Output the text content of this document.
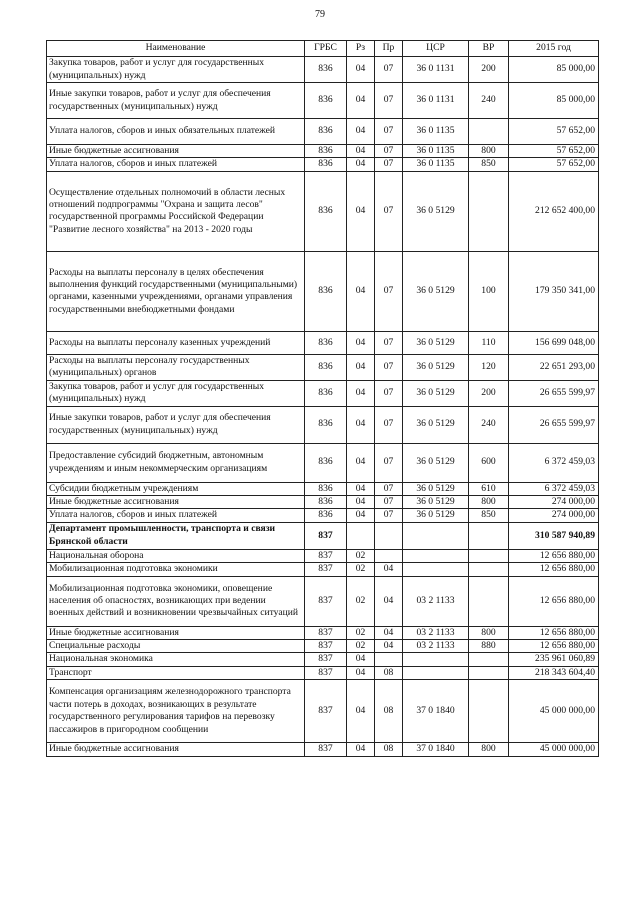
79
Наименование	ГРБС	Рз	Пр	ЦСР	ВР	2015 год
Закупка товаров, работ и услуг для государственных (муниципальных) нужд	836	04	07	36 0 1131	200	85 000,00
Иные закупки товаров, работ и услуг для обеспечения государственных (муниципальных) нужд	836	04	07	36 0 1131	240	85 000,00
Уплата налогов, сборов и иных обязательных платежей	836	04	07	36 0 1135		57 652,00
Иные бюджетные ассигнования	836	04	07	36 0 1135	800	57 652,00
Уплата налогов, сборов и иных платежей	836	04	07	36 0 1135	850	57 652,00
Осуществление отдельных полномочий в области лесных отношений подпрограммы "Охрана и защита лесов" государственной программы Российской Федерации "Развитие лесного хозяйства" на 2013 - 2020 годы	836	04	07	36 0 5129		212 652 400,00
Расходы на выплаты персоналу в целях обеспечения выполнения функций государственными (муниципальными) органами, казенными учреждениями, органами управления государственными внебюджетными фондами	836	04	07	36 0 5129	100	179 350 341,00
Расходы на выплаты персоналу казенных учреждений	836	04	07	36 0 5129	110	156 699 048,00
Расходы на выплаты персоналу государственных (муниципальных) органов	836	04	07	36 0 5129	120	22 651 293,00
Закупка товаров, работ и услуг для государственных (муниципальных) нужд	836	04	07	36 0 5129	200	26 655 599,97
Иные закупки товаров, работ и услуг для обеспечения государственных (муниципальных) нужд	836	04	07	36 0 5129	240	26 655 599,97
Предоставление субсидий бюджетным, автономным учреждениям и иным некоммерческим организациям	836	04	07	36 0 5129	600	6 372 459,03
Субсидии бюджетным учреждениям	836	04	07	36 0 5129	610	6 372 459,03
Иные бюджетные ассигнования	836	04	07	36 0 5129	800	274 000,00
Уплата налогов, сборов и иных платежей	836	04	07	36 0 5129	850	274 000,00
Департамент промышленности, транспорта и связи Брянской области	837					310 587 940,89
Национальная оборона	837	02				12 656 880,00
Мобилизационная подготовка экономики	837	02	04			12 656 880,00
Мобилизационная подготовка экономики, оповещение населения об опасностях, возникающих при ведении военных действий и возникновении чрезвычайных ситуаций	837	02	04	03 2 1133		12 656 880,00
Иные бюджетные ассигнования	837	02	04	03 2 1133	800	12 656 880,00
Специальные расходы	837	02	04	03 2 1133	880	12 656 880,00
Национальная экономика	837	04				235 961 060,89
Транспорт	837	04	08			218 343 604,40
Компенсация организациям железнодорожного транспорта части потерь в доходах, возникающих в результате государственного регулирования тарифов на перевозку пассажиров в пригородном сообщении	837	04	08	37 0 1840		45 000 000,00
Иные бюджетные ассигнования	837	04	08	37 0 1840	800	45 000 000,00
